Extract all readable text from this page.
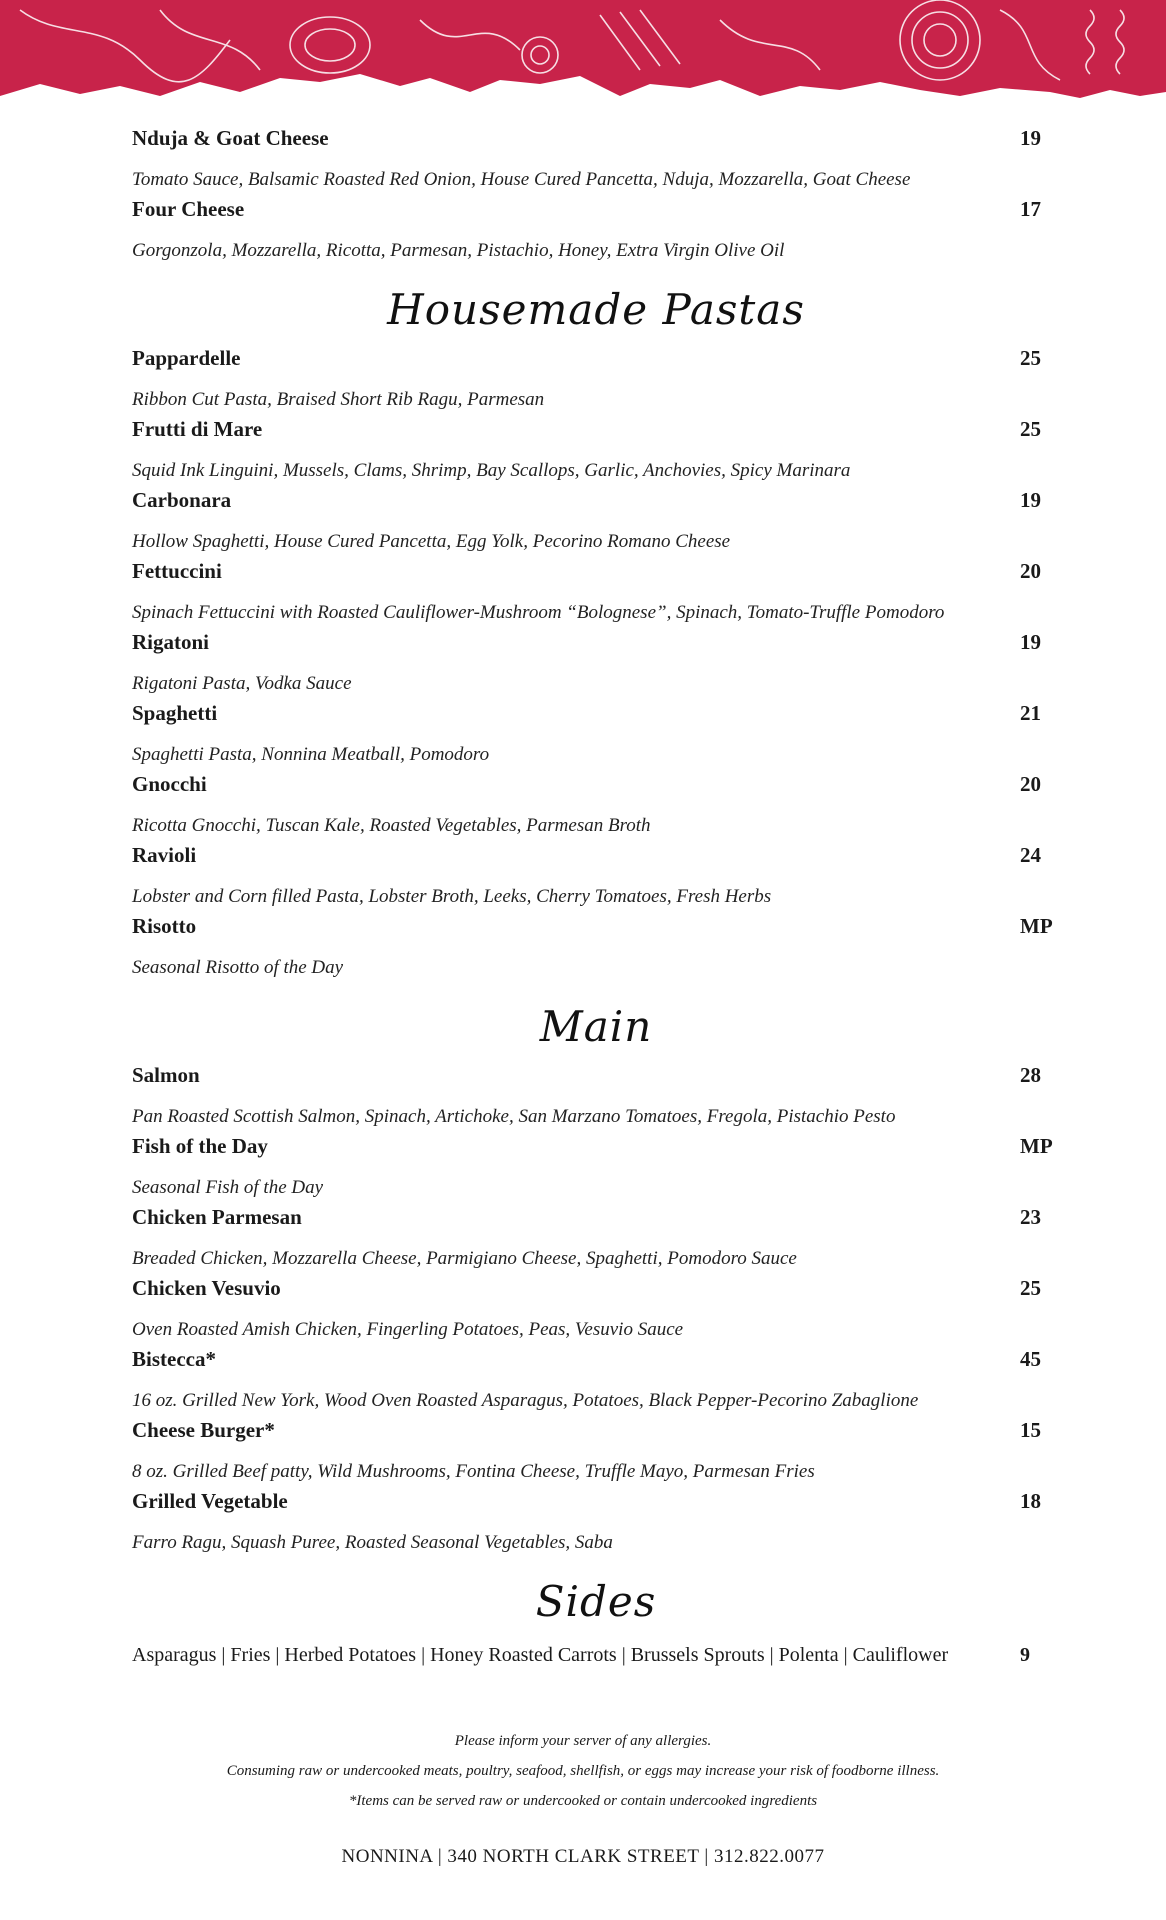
Nduja & Goat Cheese	19
Tomato Sauce, Balsamic Roasted Red Onion, House Cured Pancetta, Nduja, Mozzarella, Goat Cheese
Four Cheese	17
Gorgonzola, Mozzarella, Ricotta, Parmesan, Pistachio, Honey, Extra Virgin Olive Oil
Housemade Pastas
Pappardelle	25
Ribbon Cut Pasta, Braised Short Rib Ragu, Parmesan
Frutti di Mare	25
Squid Ink Linguini, Mussels, Clams, Shrimp, Bay Scallops, Garlic, Anchovies, Spicy Marinara
Carbonara	19
Hollow Spaghetti, House Cured Pancetta, Egg Yolk, Pecorino Romano Cheese
Fettuccini	20
Spinach Fettuccini with Roasted Cauliflower-Mushroom “Bolognese”, Spinach, Tomato-Truffle Pomodoro
Rigatoni	19
Rigatoni Pasta, Vodka Sauce
Spaghetti	21
Spaghetti Pasta, Nonnina Meatball, Pomodoro
Gnocchi	20
Ricotta Gnocchi, Tuscan Kale, Roasted Vegetables, Parmesan Broth
Ravioli	24
Lobster and Corn filled Pasta, Lobster Broth, Leeks, Cherry Tomatoes, Fresh Herbs
Risotto	MP
Seasonal Risotto of the Day
Main
Salmon	28
Pan Roasted Scottish Salmon, Spinach, Artichoke, San Marzano Tomatoes, Fregola, Pistachio Pesto
Fish of the Day	MP
Seasonal Fish of the Day
Chicken Parmesan	23
Breaded Chicken, Mozzarella Cheese, Parmigiano Cheese, Spaghetti, Pomodoro Sauce
Chicken Vesuvio	25
Oven Roasted Amish Chicken, Fingerling Potatoes, Peas, Vesuvio Sauce
Bistecca*	45
16 oz. Grilled New York, Wood Oven Roasted Asparagus, Potatoes, Black Pepper-Pecorino Zabaglione
Cheese Burger*	15
8 oz. Grilled Beef patty, Wild Mushrooms, Fontina Cheese, Truffle Mayo, Parmesan Fries
Grilled Vegetable	18
Farro Ragu, Squash Puree, Roasted Seasonal Vegetables, Saba
Sides
Asparagus | Fries | Herbed Potatoes | Honey Roasted Carrots | Brussels Sprouts | Polenta | Cauliflower	9
Please inform your server of any allergies.
Consuming raw or undercooked meats, poultry, seafood, shellfish, or eggs may increase your risk of foodborne illness.
*Items can be served raw or undercooked or contain undercooked ingredients
NONNINA | 340 NORTH CLARK STREET | 312.822.0077
